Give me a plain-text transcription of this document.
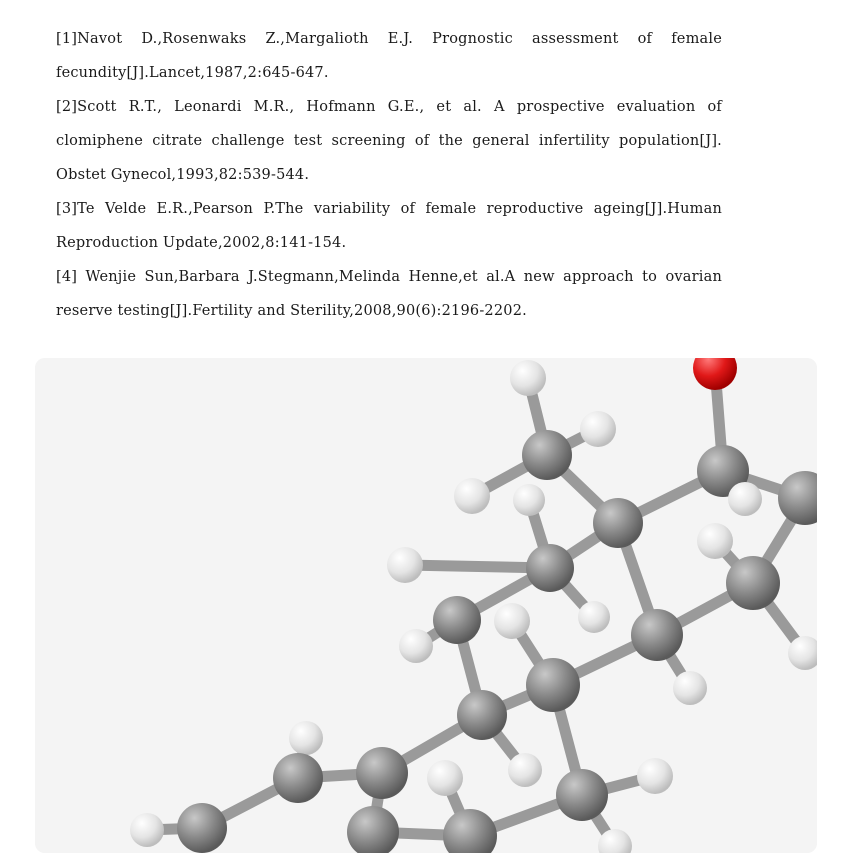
[1]Navot D.,Rosenwaks Z.,Margalioth E.J. Prognostic assessment of female fecundity[J].Lancet,1987,2:645-647.

[2]Scott R.T., Leonardi M.R., Hofmann G.E., et al. A prospective evaluation of clomiphene citrate challenge test screening of the general infertility population[J]. Obstet Gynecol,1993,82:539-544.

[3]Te Velde E.R.,Pearson P.The variability of female reproductive ageing[J].Human Reproduction Update,2002,8:141-154.

[4] Wenjie Sun,Barbara J.Stegmann,Melinda Henne,et al.A new approach to ovarian reserve testing[J].Fertility and Sterility,2008,90(6):2196-2202.
